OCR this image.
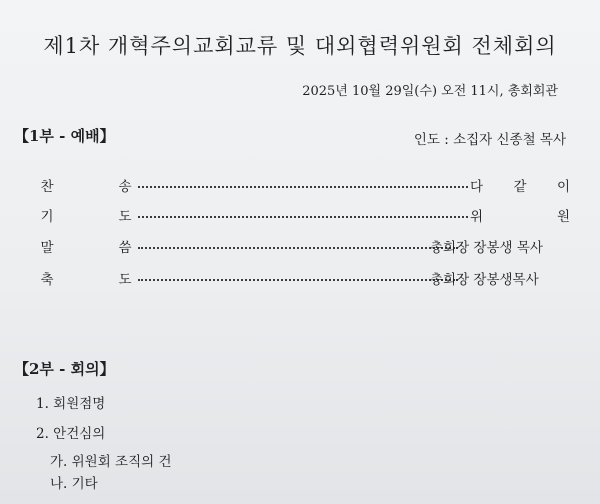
제1차 개혁주의교회교류 및 대외협력위원회 전체회의
2025년 10월 29일(수) 오전 11시, 총회회관
【1부 - 예배】	인도 : 소집자 신종철 목사
찬	송	다 같 이
기	도	위	원
말	씀	총회장 장봉생 목사
축	도	총회장 장봉생목사
【2부 - 회의】
1. 회원점명
2. 안건심의
가. 위원회 조직의 건
나. 기타
